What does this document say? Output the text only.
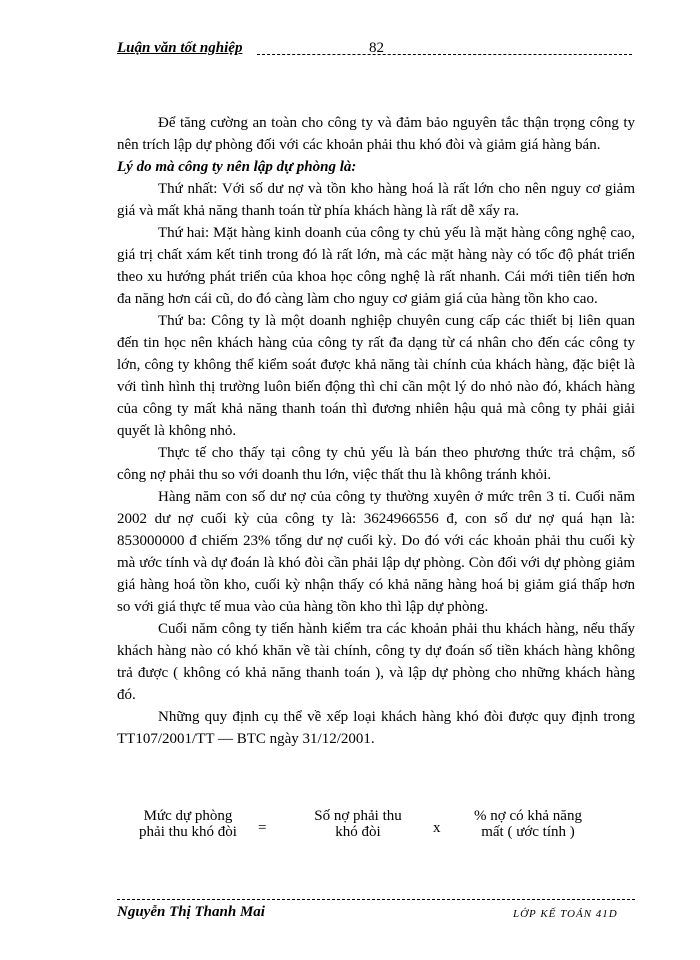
Luận văn tốt nghiệp	82

Để tăng cường an toàn cho công ty và đảm bảo nguyên tắc thận trọng công ty nên trích lập dự phòng đối với các khoản phải thu khó đòi và giảm giá hàng bán.

Lý do mà công ty nên lập dự phòng là:

Thứ nhất: Với số dư nợ và tồn kho hàng hoá là rất lớn cho nên nguy cơ giảm giá và mất khả năng thanh toán từ phía khách hàng là rất dễ xẩy ra.

Thứ hai: Mặt hàng kinh doanh của công ty chủ yếu là mặt hàng công nghệ cao, giá trị chất xám kết tinh trong đó là rất lớn, mà các mặt hàng này có tốc độ phát triển theo xu hướng phát triển của khoa học công nghệ là rất nhanh. Cái mới tiên tiến hơn đa năng hơn cái cũ, do đó càng làm cho nguy cơ giảm giá của hàng tồn kho cao.

Thứ ba: Công ty là một doanh nghiệp chuyên cung cấp các thiết bị liên quan đến tin học nên khách hàng của công ty rất đa dạng từ cá nhân cho đến các công ty lớn, công ty không thể kiểm soát được khả năng tài chính của khách hàng, đặc biệt là với tình hình thị trường luôn biến động thì chỉ cần một lý do nhỏ nào đó, khách hàng của công ty mất khả năng thanh toán thì đương nhiên hậu quả mà công ty phải giải quyết là không nhỏ.

Thực tế cho thấy tại công ty chủ yếu là bán theo phương thức trả chậm, số công nợ phải thu so với doanh thu lớn, việc thất thu là không tránh khỏi.

Hàng năm con số dư nợ của công ty thường xuyên ở mức trên 3 tỉ. Cuối năm 2002 dư nợ cuối kỳ của công ty là: 3624966556 đ, con số dư nợ quá hạn là: 853000000 đ chiếm 23% tổng dư nợ cuối kỳ. Do đó với các khoản phải thu cuối kỳ mà ước tính và dự đoán là khó đòi cần phải lập dự phòng. Còn đối với dự phòng giảm giá hàng hoá tồn kho, cuối kỳ nhận thấy có khả năng hàng hoá bị giảm giá thấp hơn so với giá thực tế mua vào của hàng tồn kho thì lập dự phòng.

Cuối năm công ty tiến hành kiểm tra các khoản phải thu khách hàng, nếu thấy khách hàng nào có khó khăn về tài chính, công ty dự đoán số tiền khách hàng không trả được ( không có khả năng thanh toán ), và lập dự phòng cho những khách hàng đó.

Những quy định cụ thể về xếp loại khách hàng khó đòi được quy định trong TT107/2001/TT — BTC ngày 31/12/2001.

Mức dự phòng
phải thu khó đòi	=
Số nợ phải thu
khó đòi	x
% nợ có khả năng
mất ( ước tính )
Nguyễn Thị Thanh Mai	LỚP KẾ TOÁN 41D
